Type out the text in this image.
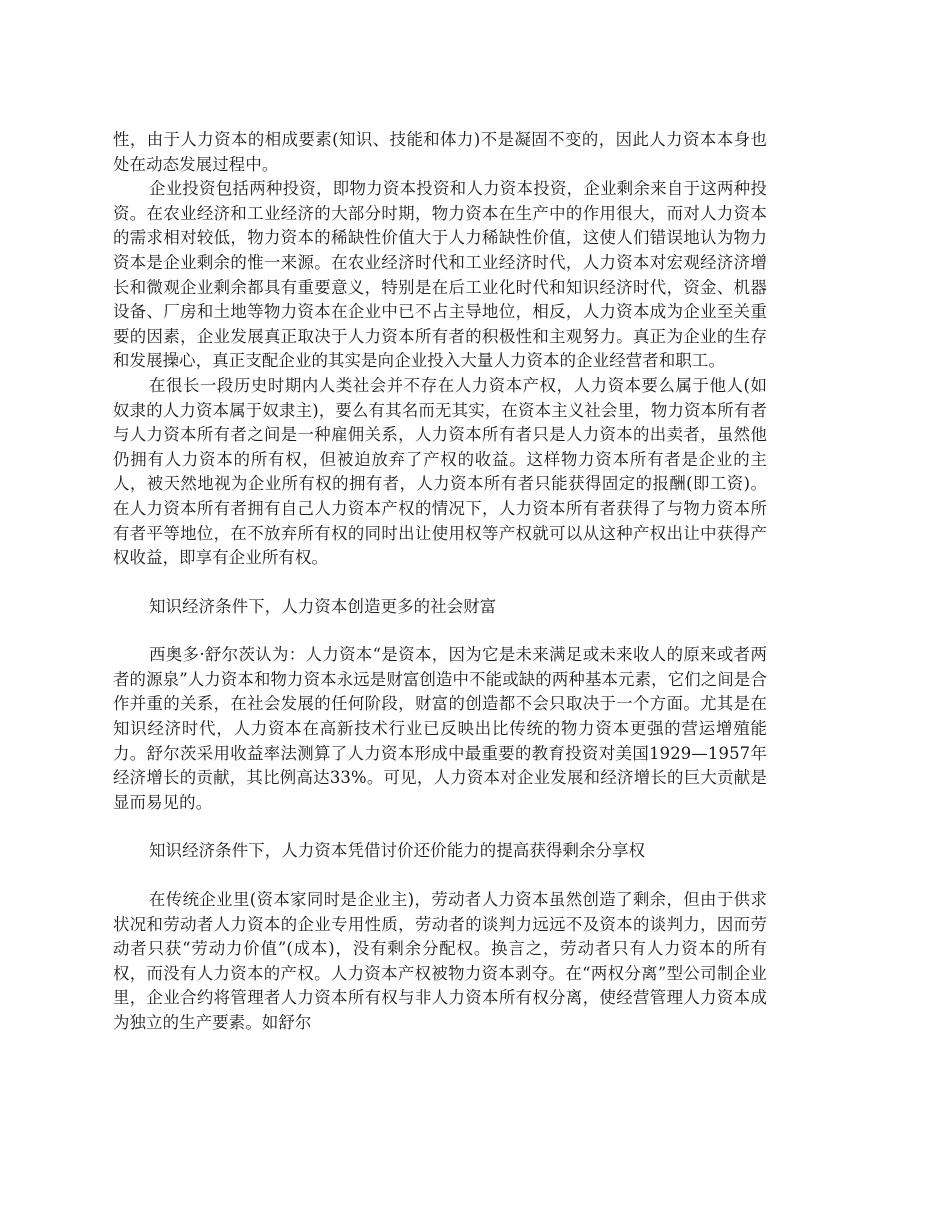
性，由于人力资本的相成要素(知识、技能和体力)不是凝固不变的，因此人力资本本身也处在动态发展过程中。

企业投资包括两种投资，即物力资本投资和人力资本投资，企业剩余来自于这两种投资。在农业经济和工业经济的大部分时期，物力资本在生产中的作用很大，而对人力资本的需求相对较低，物力资本的稀缺性价值大于人力稀缺性价值，这使人们错误地认为物力资本是企业剩余的惟一来源。在农业经济时代和工业经济时代，人力资本对宏观经济济增长和微观企业剩余都具有重要意义，特别是在后工业化时代和知识经济时代，资金、机器设备、厂房和土地等物力资本在企业中已不占主导地位，相反，人力资本成为企业至关重要的因素，企业发展真正取决于人力资本所有者的积极性和主观努力。真正为企业的生存和发展操心，真正支配企业的其实是向企业投入大量人力资本的企业经营者和职工。

在很长一段历史时期内人类社会并不存在人力资本产权，人力资本要么属于他人(如奴隶的人力资本属于奴隶主)，要么有其名而无其实，在资本主义社会里，物力资本所有者与人力资本所有者之间是一种雇佣关系，人力资本所有者只是人力资本的出卖者，虽然他仍拥有人力资本的所有权，但被迫放弃了产权的收益。这样物力资本所有者是企业的主人，被天然地视为企业所有权的拥有者，人力资本所有者只能获得固定的报酬(即工资)。在人力资本所有者拥有自己人力资本产权的情况下，人力资本所有者获得了与物力资本所有者平等地位，在不放弃所有权的同时出让使用权等产权就可以从这种产权出让中获得产权收益，即享有企业所有权。

知识经济条件下，人力资本创造更多的社会财富

西奥多·舒尔茨认为：人力资本“是资本，因为它是未来满足或未来收人的原来或者两者的源泉”人力资本和物力资本永远是财富创造中不能或缺的两种基本元素，它们之间是合作并重的关系，在社会发展的任何阶段，财富的创造都不会只取决于一个方面。尤其是在知识经济时代，人力资本在高新技术行业已反映出比传统的物力资本更强的营运增殖能力。舒尔茨采用收益率法测算了人力资本形成中最重要的教育投资对美国1929—1957年经济增长的贡献，其比例高达33%。可见，人力资本对企业发展和经济增长的巨大贡献是显而易见的。

知识经济条件下，人力资本凭借讨价还价能力的提高获得剩余分享权

在传统企业里(资本家同时是企业主)，劳动者人力资本虽然创造了剩余，但由于供求状况和劳动者人力资本的企业专用性质，劳动者的谈判力远远不及资本的谈判力，因而劳动者只获“劳动力价值”(成本)，没有剩余分配权。换言之，劳动者只有人力资本的所有权，而没有人力资本的产权。人力资本产权被物力资本剥夺。在“两权分离”型公司制企业里，企业合约将管理者人力资本所有权与非人力资本所有权分离，使经营管理人力资本成为独立的生产要素。如舒尔
